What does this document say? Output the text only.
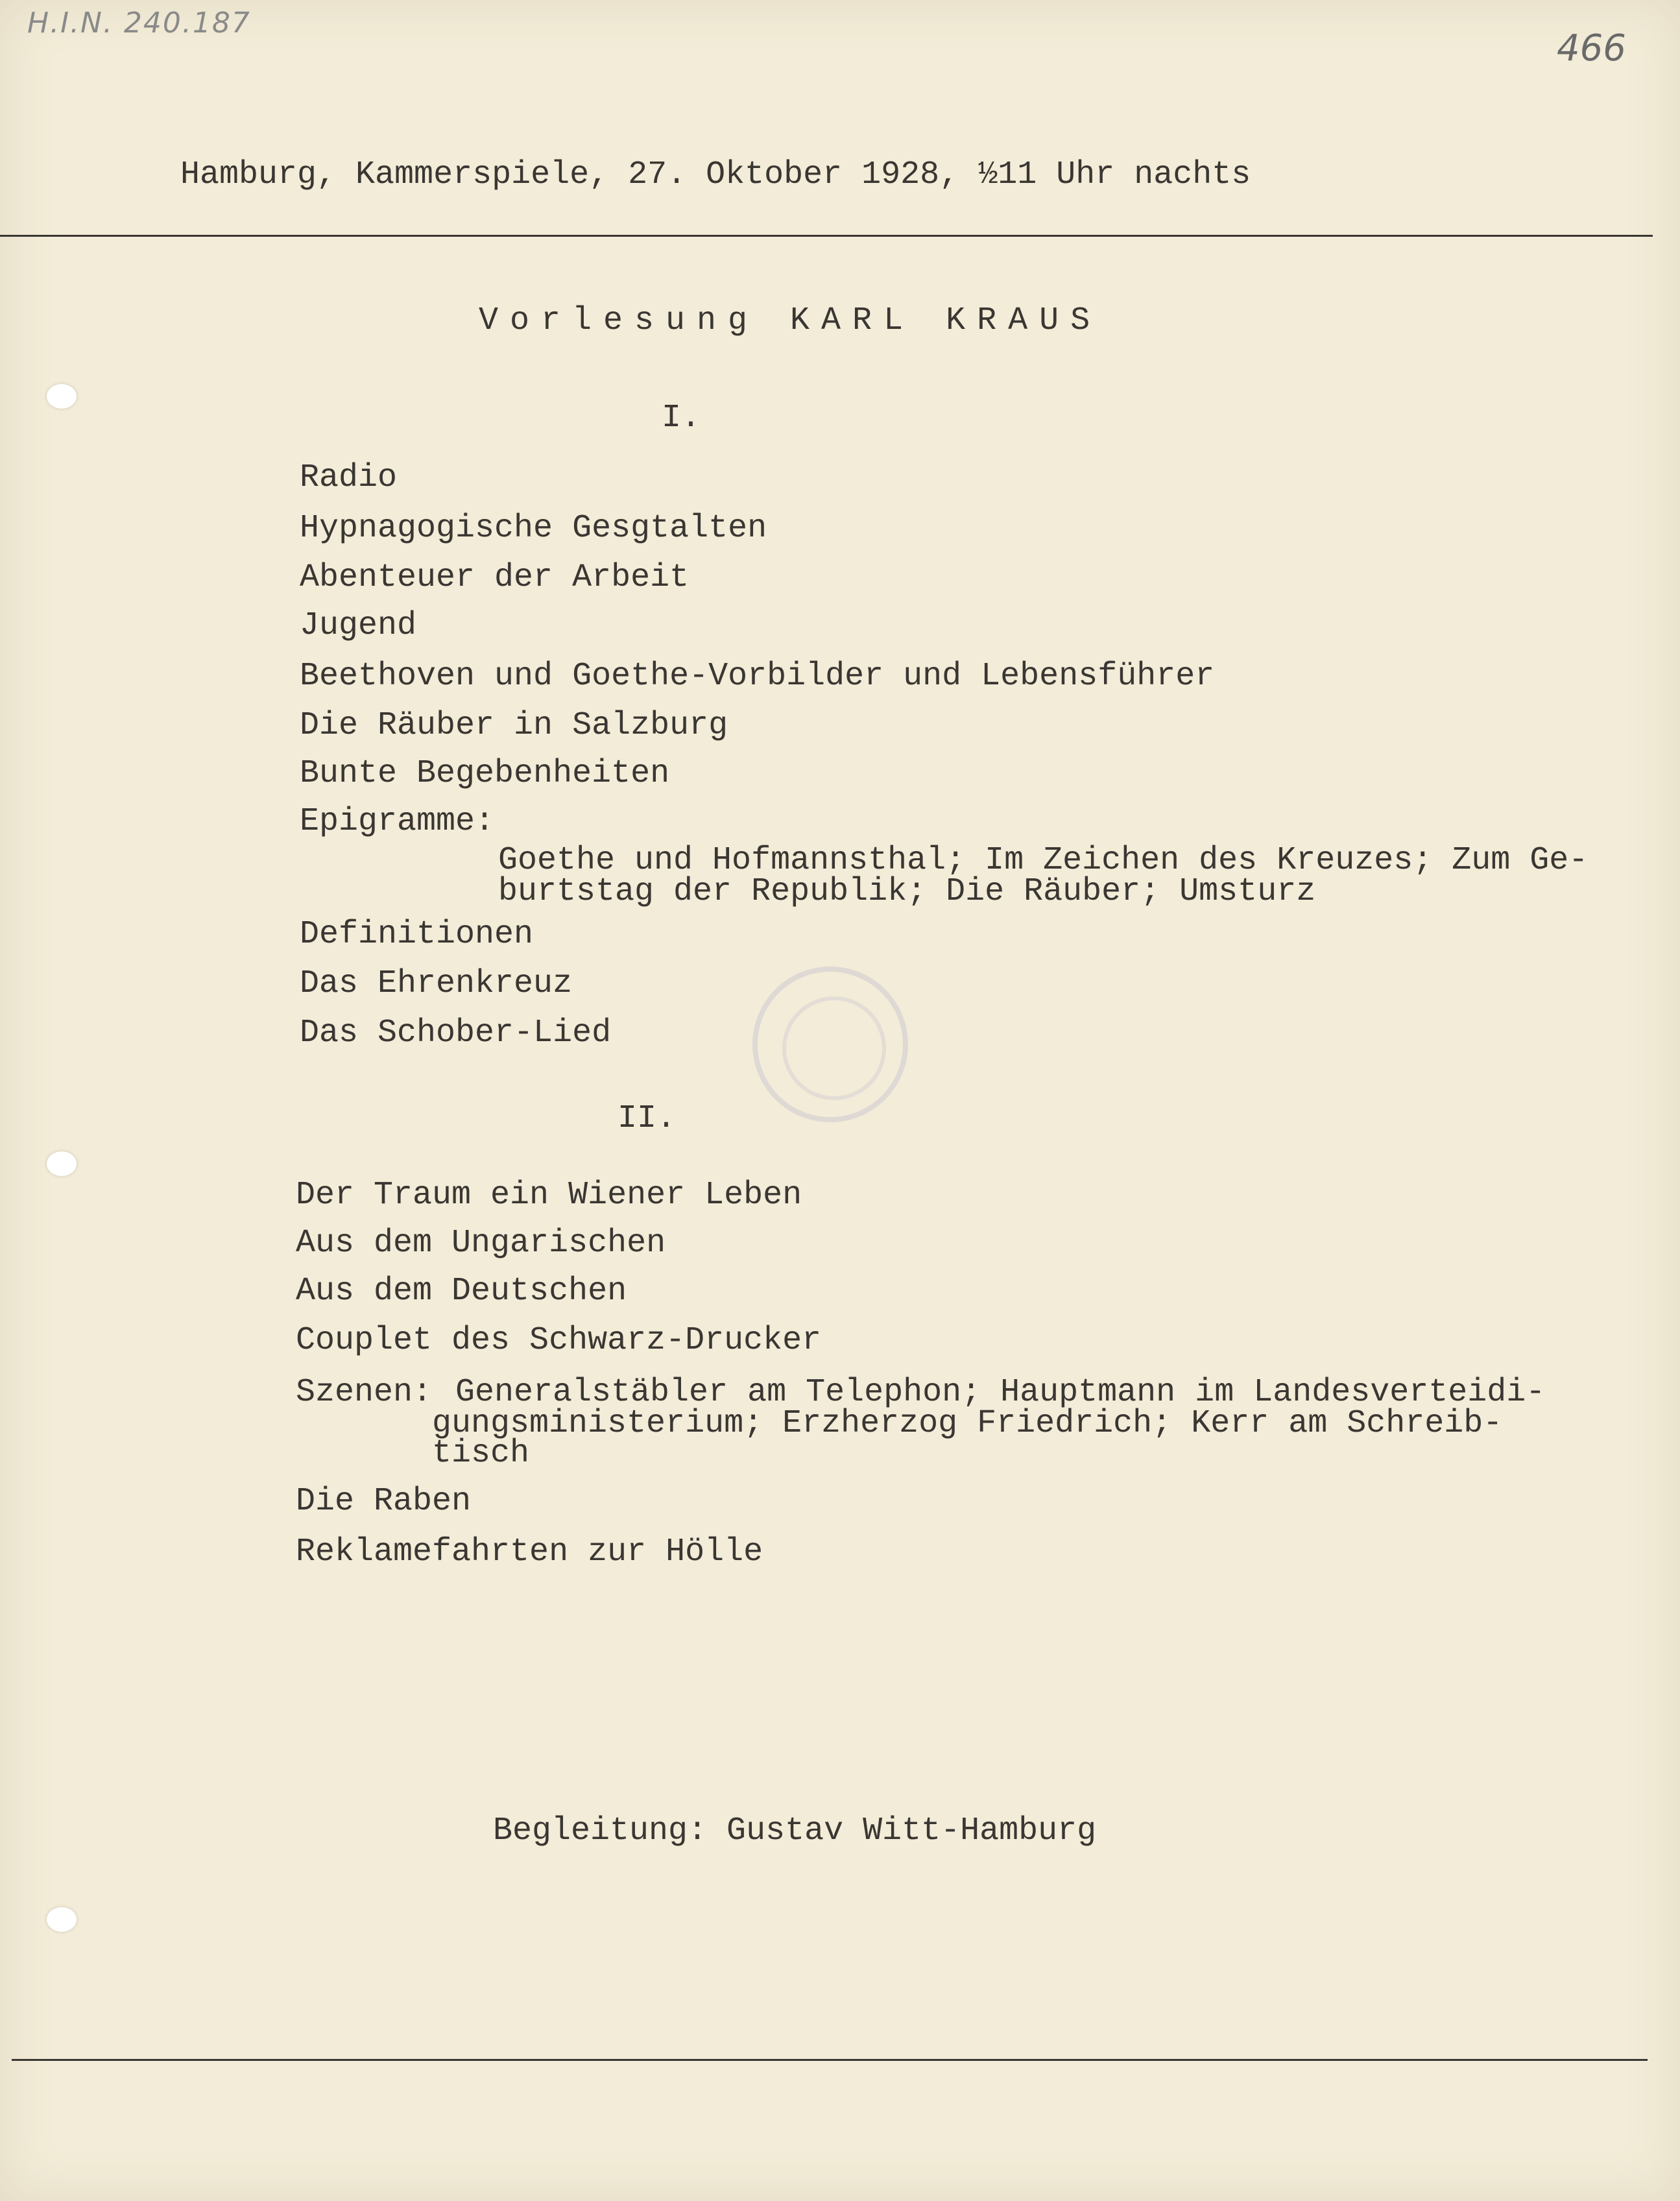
H.I.N. 240.187
466
Hamburg, Kammerspiele, 27. Oktober 1928, ½11 Uhr nachts
Vorlesung KARL KRAUS
I.
Radio
Hypnagogische Gesgtalten
Abenteuer der Arbeit
Jugend
Beethoven und Goethe-Vorbilder und Lebensführer
Die Räuber in Salzburg
Bunte Begebenheiten
Epigramme:
Goethe und Hofmannsthal; Im Zeichen des Kreuzes; Zum Ge-
burtstag der Republik; Die Räuber; Umsturz
Definitionen
Das Ehrenkreuz
Das Schober-Lied
II.
Der Traum ein Wiener Leben
Aus dem Ungarischen
Aus dem Deutschen
Couplet des Schwarz-Drucker
Szenen: Generalstäbler am Telephon; Hauptmann im Landesverteidi-
gungsministerium; Erzherzog Friedrich; Kerr am Schreib-
tisch
Die Raben
Reklamefahrten zur Hölle
Begleitung: Gustav Witt-Hamburg
